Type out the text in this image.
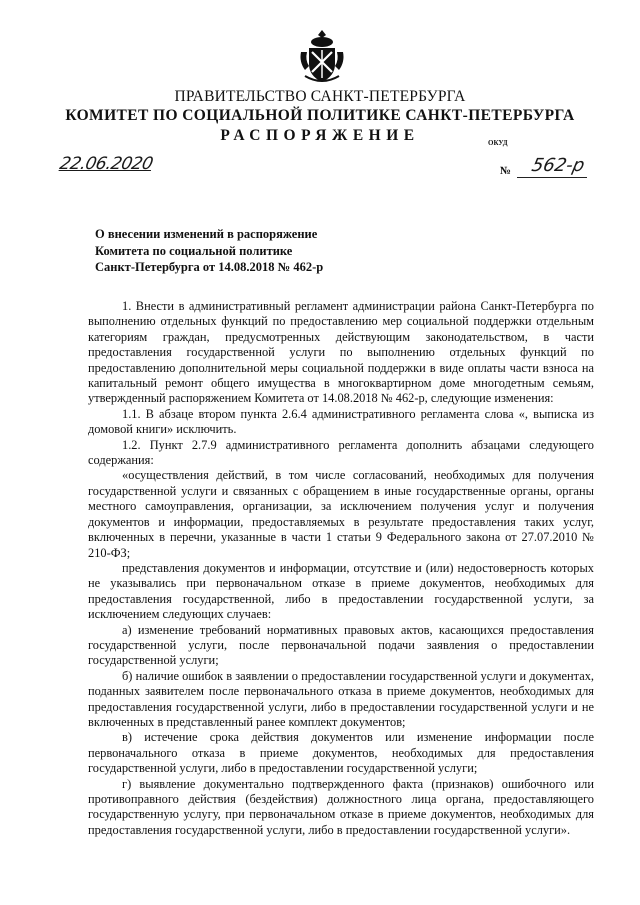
ПРАВИТЕЛЬСТВО САНКТ-ПЕТЕРБУРГА
КОМИТЕТ ПО СОЦИАЛЬНОЙ ПОЛИТИКЕ САНКТ-ПЕТЕРБУРГА
РАСПОРЯЖЕНИЕ	ОКУД
22.06.2020	№ 562-р
О внесении изменений в распоряжение
Комитета по социальной политике
Санкт-Петербурга от 14.08.2018 № 462-р

1. Внести в административный регламент администрации района Санкт-Петербурга по выполнению отдельных функций по предоставлению мер социальной поддержки отдельным категориям граждан, предусмотренных действующим законодательством, в части предоставления государственной услуги по выполнению отдельных функций по предоставлению дополнительной меры социальной поддержки в виде оплаты части взноса на капитальный ремонт общего имущества в многоквартирном доме многодетным семьям, утвержденный распоряжением Комитета от 14.08.2018 № 462-р, следующие изменения:

1.1. В абзаце втором пункта 2.6.4 административного регламента слова «, выписка из домовой книги» исключить.

1.2. Пункт 2.7.9 административного регламента дополнить абзацами следующего содержания:

«осуществления действий, в том числе согласований, необходимых для получения государственной услуги и связанных с обращением в иные государственные органы, органы местного самоуправления, организации, за исключением получения услуг и получения документов и информации, предоставляемых в результате предоставления таких услуг, включенных в перечни, указанные в части 1 статьи 9 Федерального закона от 27.07.2010 № 210-ФЗ;

представления документов и информации, отсутствие и (или) недостоверность которых не указывались при первоначальном отказе в приеме документов, необходимых для предоставления государственной, либо в предоставлении государственной услуги, за исключением следующих случаев:

а) изменение требований нормативных правовых актов, касающихся предоставления государственной услуги, после первоначальной подачи заявления о предоставлении государственной услуги;

б) наличие ошибок в заявлении о предоставлении государственной услуги и документах, поданных заявителем после первоначального отказа в приеме документов, необходимых для предоставления государственной услуги, либо в предоставлении государственной услуги и не включенных в представленный ранее комплект документов;

в) истечение срока действия документов или изменение информации после первоначального отказа в приеме документов, необходимых для предоставления государственной услуги, либо в предоставлении государственной услуги;

г) выявление документально подтвержденного факта (признаков) ошибочного или противоправного действия (бездействия) должностного лица органа, предоставляющего государственную услугу, при первоначальном отказе в приеме документов, необходимых для предоставления государственной услуги, либо в предоставлении государственной услуги».
